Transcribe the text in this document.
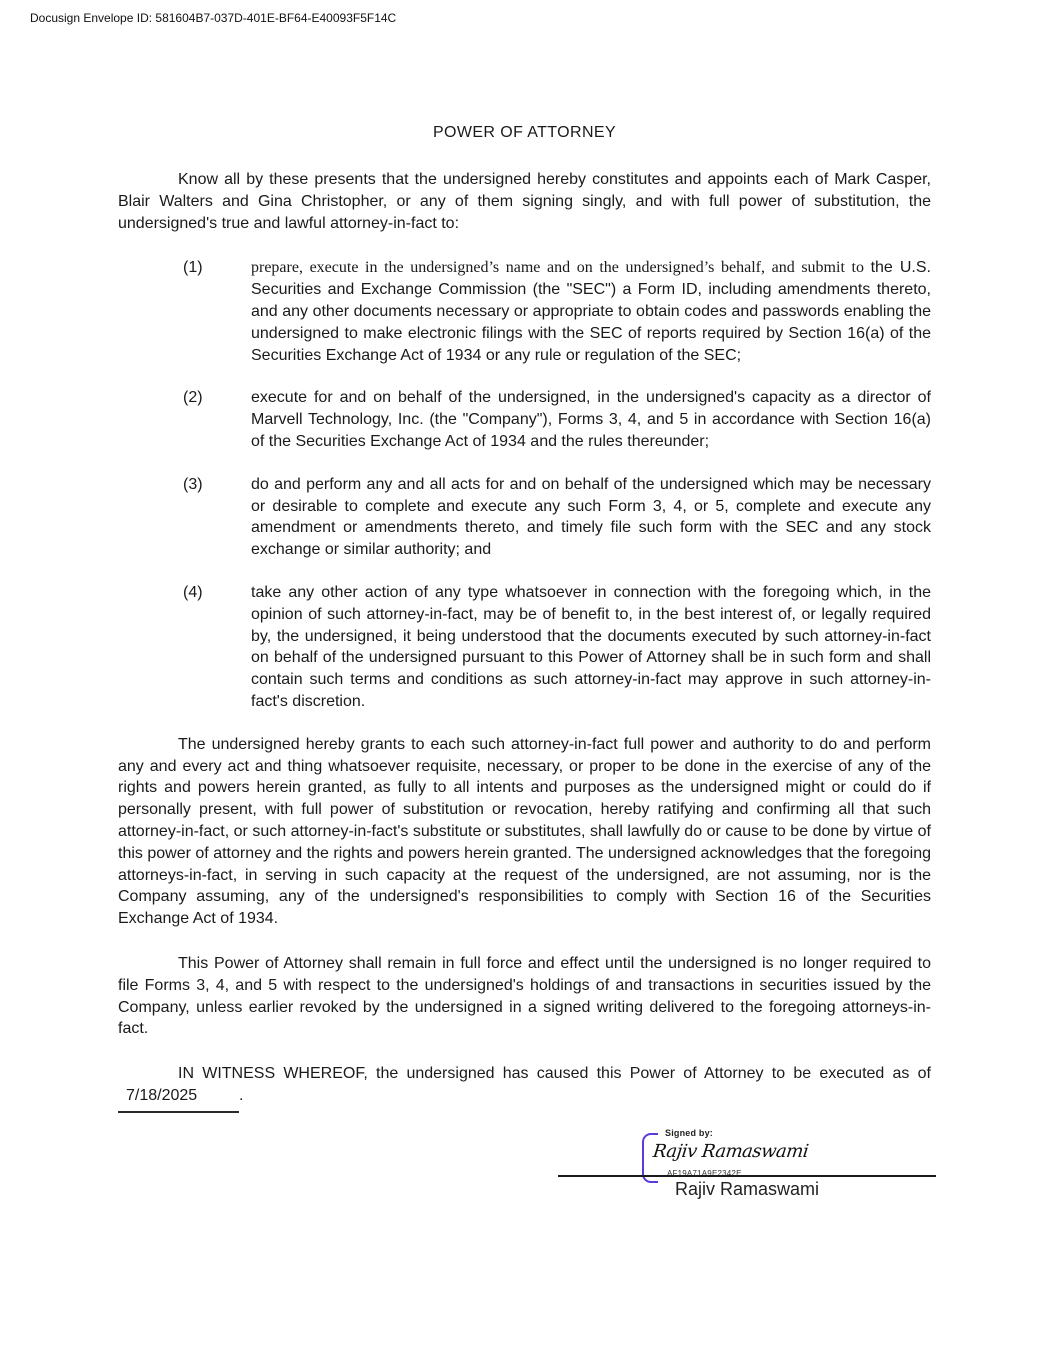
Docusign Envelope ID: 581604B7-037D-401E-BF64-E40093F5F14C
POWER OF ATTORNEY

Know all by these presents that the undersigned hereby constitutes and appoints each of Mark Casper, Blair Walters and Gina Christopher, or any of them signing singly, and with full power of substitution, the undersigned's true and lawful attorney-in-fact to:

(1)	prepare, execute in the undersigned’s name and on the undersigned’s behalf, and submit to the U.S. Securities and Exchange Commission (the "SEC") a Form ID, including amendments thereto, and any other documents necessary or appropriate to obtain codes and passwords enabling the undersigned to make electronic filings with the SEC of reports required by Section 16(a) of the Securities Exchange Act of 1934 or any rule or regulation of the SEC;
(2)	execute for and on behalf of the undersigned, in the undersigned's capacity as a director of Marvell Technology, Inc. (the "Company"), Forms 3, 4, and 5 in accordance with Section 16(a) of the Securities Exchange Act of 1934 and the rules thereunder;
(3)	do and perform any and all acts for and on behalf of the undersigned which may be necessary or desirable to complete and execute any such Form 3, 4, or 5, complete and execute any amendment or amendments thereto, and timely file such form with the SEC and any stock exchange or similar authority; and
(4)	take any other action of any type whatsoever in connection with the foregoing which, in the opinion of such attorney-in-fact, may be of benefit to, in the best interest of, or legally required by, the undersigned, it being understood that the documents executed by such attorney-in-fact on behalf of the undersigned pursuant to this Power of Attorney shall be in such form and shall contain such terms and conditions as such attorney-in-fact may approve in such attorney-in-fact's discretion.

The undersigned hereby grants to each such attorney-in-fact full power and authority to do and perform any and every act and thing whatsoever requisite, necessary, or proper to be done in the exercise of any of the rights and powers herein granted, as fully to all intents and purposes as the undersigned might or could do if personally present, with full power of substitution or revocation, hereby ratifying and confirming all that such attorney-in-fact, or such attorney-in-fact's substitute or substitutes, shall lawfully do or cause to be done by virtue of this power of attorney and the rights and powers herein granted. The undersigned acknowledges that the foregoing attorneys-in-fact, in serving in such capacity at the request of the undersigned, are not assuming, nor is the Company assuming, any of the undersigned's responsibilities to comply with Section 16 of the Securities Exchange Act of 1934.

This Power of Attorney shall remain in full force and effect until the undersigned is no longer required to file Forms 3, 4, and 5 with respect to the undersigned's holdings of and transactions in securities issued by the Company, unless earlier revoked by the undersigned in a signed writing delivered to the foregoing attorneys-in-fact.

IN WITNESS WHEREOF, the undersigned has caused this Power of Attorney to be executed as of

7/18/2025	.
Signed by:
Rajiv Ramaswami
AF19A71A9E2342E...
Rajiv Ramaswami
